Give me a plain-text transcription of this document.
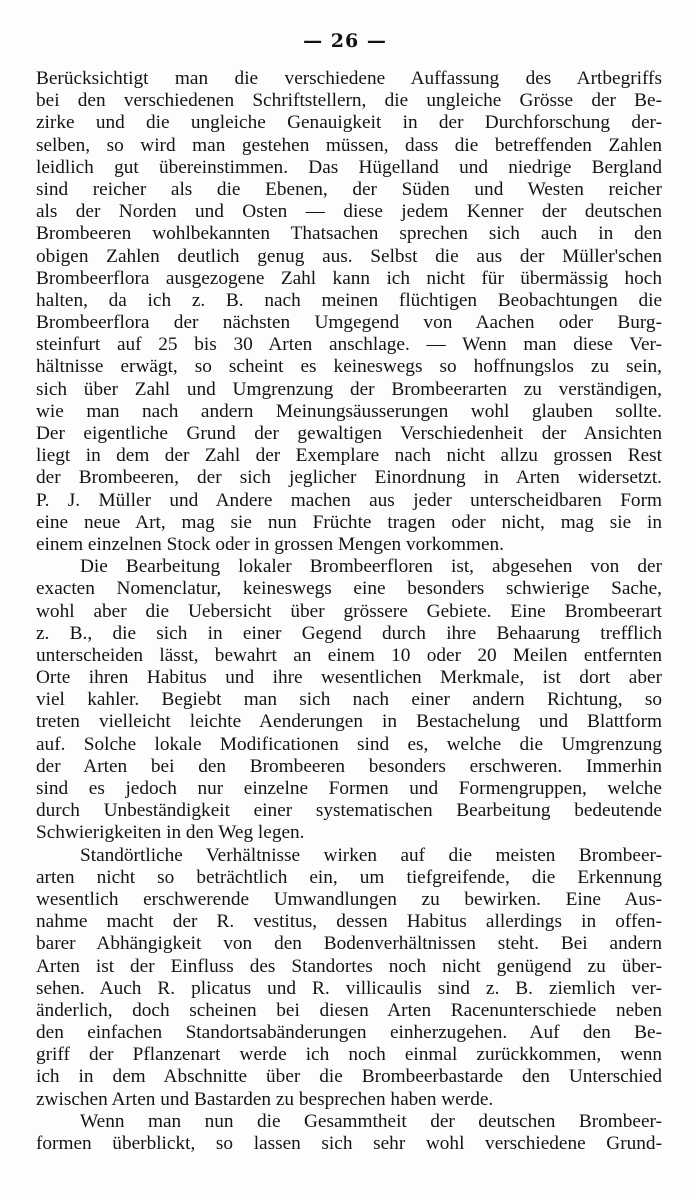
— 26 —
Berücksichtigt man die verschiedene Auffassung des Artbegriffs
bei den verschiedenen Schriftstellern, die ungleiche Grösse der Be-
zirke und die ungleiche Genauigkeit in der Durchforschung der-
selben, so wird man gestehen müssen, dass die betreffenden Zahlen
leidlich gut übereinstimmen. Das Hügelland und niedrige Bergland
sind reicher als die Ebenen, der Süden und Westen reicher
als der Norden und Osten — diese jedem Kenner der deutschen
Brombeeren wohlbekannten Thatsachen sprechen sich auch in den
obigen Zahlen deutlich genug aus. Selbst die aus der Müller'schen
Brombeerflora ausgezogene Zahl kann ich nicht für übermässig hoch
halten, da ich z. B. nach meinen flüchtigen Beobachtungen die
Brombeerflora der nächsten Umgegend von Aachen oder Burg-
steinfurt auf 25 bis 30 Arten anschlage. — Wenn man diese Ver-
hältnisse erwägt, so scheint es keineswegs so hoffnungslos zu sein,
sich über Zahl und Umgrenzung der Brombeerarten zu verständigen,
wie man nach andern Meinungsäusserungen wohl glauben sollte.
Der eigentliche Grund der gewaltigen Verschiedenheit der Ansichten
liegt in dem der Zahl der Exemplare nach nicht allzu grossen Rest
der Brombeeren, der sich jeglicher Einordnung in Arten widersetzt.
P. J. Müller und Andere machen aus jeder unterscheidbaren Form
eine neue Art, mag sie nun Früchte tragen oder nicht, mag sie in
einem einzelnen Stock oder in grossen Mengen vorkommen.
Die Bearbeitung lokaler Brombeerfloren ist, abgesehen von der
exacten Nomenclatur, keineswegs eine besonders schwierige Sache,
wohl aber die Uebersicht über grössere Gebiete. Eine Brombeerart
z. B., die sich in einer Gegend durch ihre Behaarung trefflich
unterscheiden lässt, bewahrt an einem 10 oder 20 Meilen entfernten
Orte ihren Habitus und ihre wesentlichen Merkmale, ist dort aber
viel kahler. Begiebt man sich nach einer andern Richtung, so
treten vielleicht leichte Aenderungen in Bestachelung und Blattform
auf. Solche lokale Modificationen sind es, welche die Umgrenzung
der Arten bei den Brombeeren besonders erschweren. Immerhin
sind es jedoch nur einzelne Formen und Formengruppen, welche
durch Unbeständigkeit einer systematischen Bearbeitung bedeutende
Schwierigkeiten in den Weg legen.
Standörtliche Verhältnisse wirken auf die meisten Brombeer-
arten nicht so beträchtlich ein, um tiefgreifende, die Erkennung
wesentlich erschwerende Umwandlungen zu bewirken. Eine Aus-
nahme macht der R. vestitus, dessen Habitus allerdings in offen-
barer Abhängigkeit von den Bodenverhältnissen steht. Bei andern
Arten ist der Einfluss des Standortes noch nicht genügend zu über-
sehen. Auch R. plicatus und R. villicaulis sind z. B. ziemlich ver-
änderlich, doch scheinen bei diesen Arten Racenunterschiede neben
den einfachen Standortsabänderungen einherzugehen. Auf den Be-
griff der Pflanzenart werde ich noch einmal zurückkommen, wenn
ich in dem Abschnitte über die Brombeerbastarde den Unterschied
zwischen Arten und Bastarden zu besprechen haben werde.
Wenn man nun die Gesammtheit der deutschen Brombeer-
formen überblickt, so lassen sich sehr wohl verschiedene Grund-
